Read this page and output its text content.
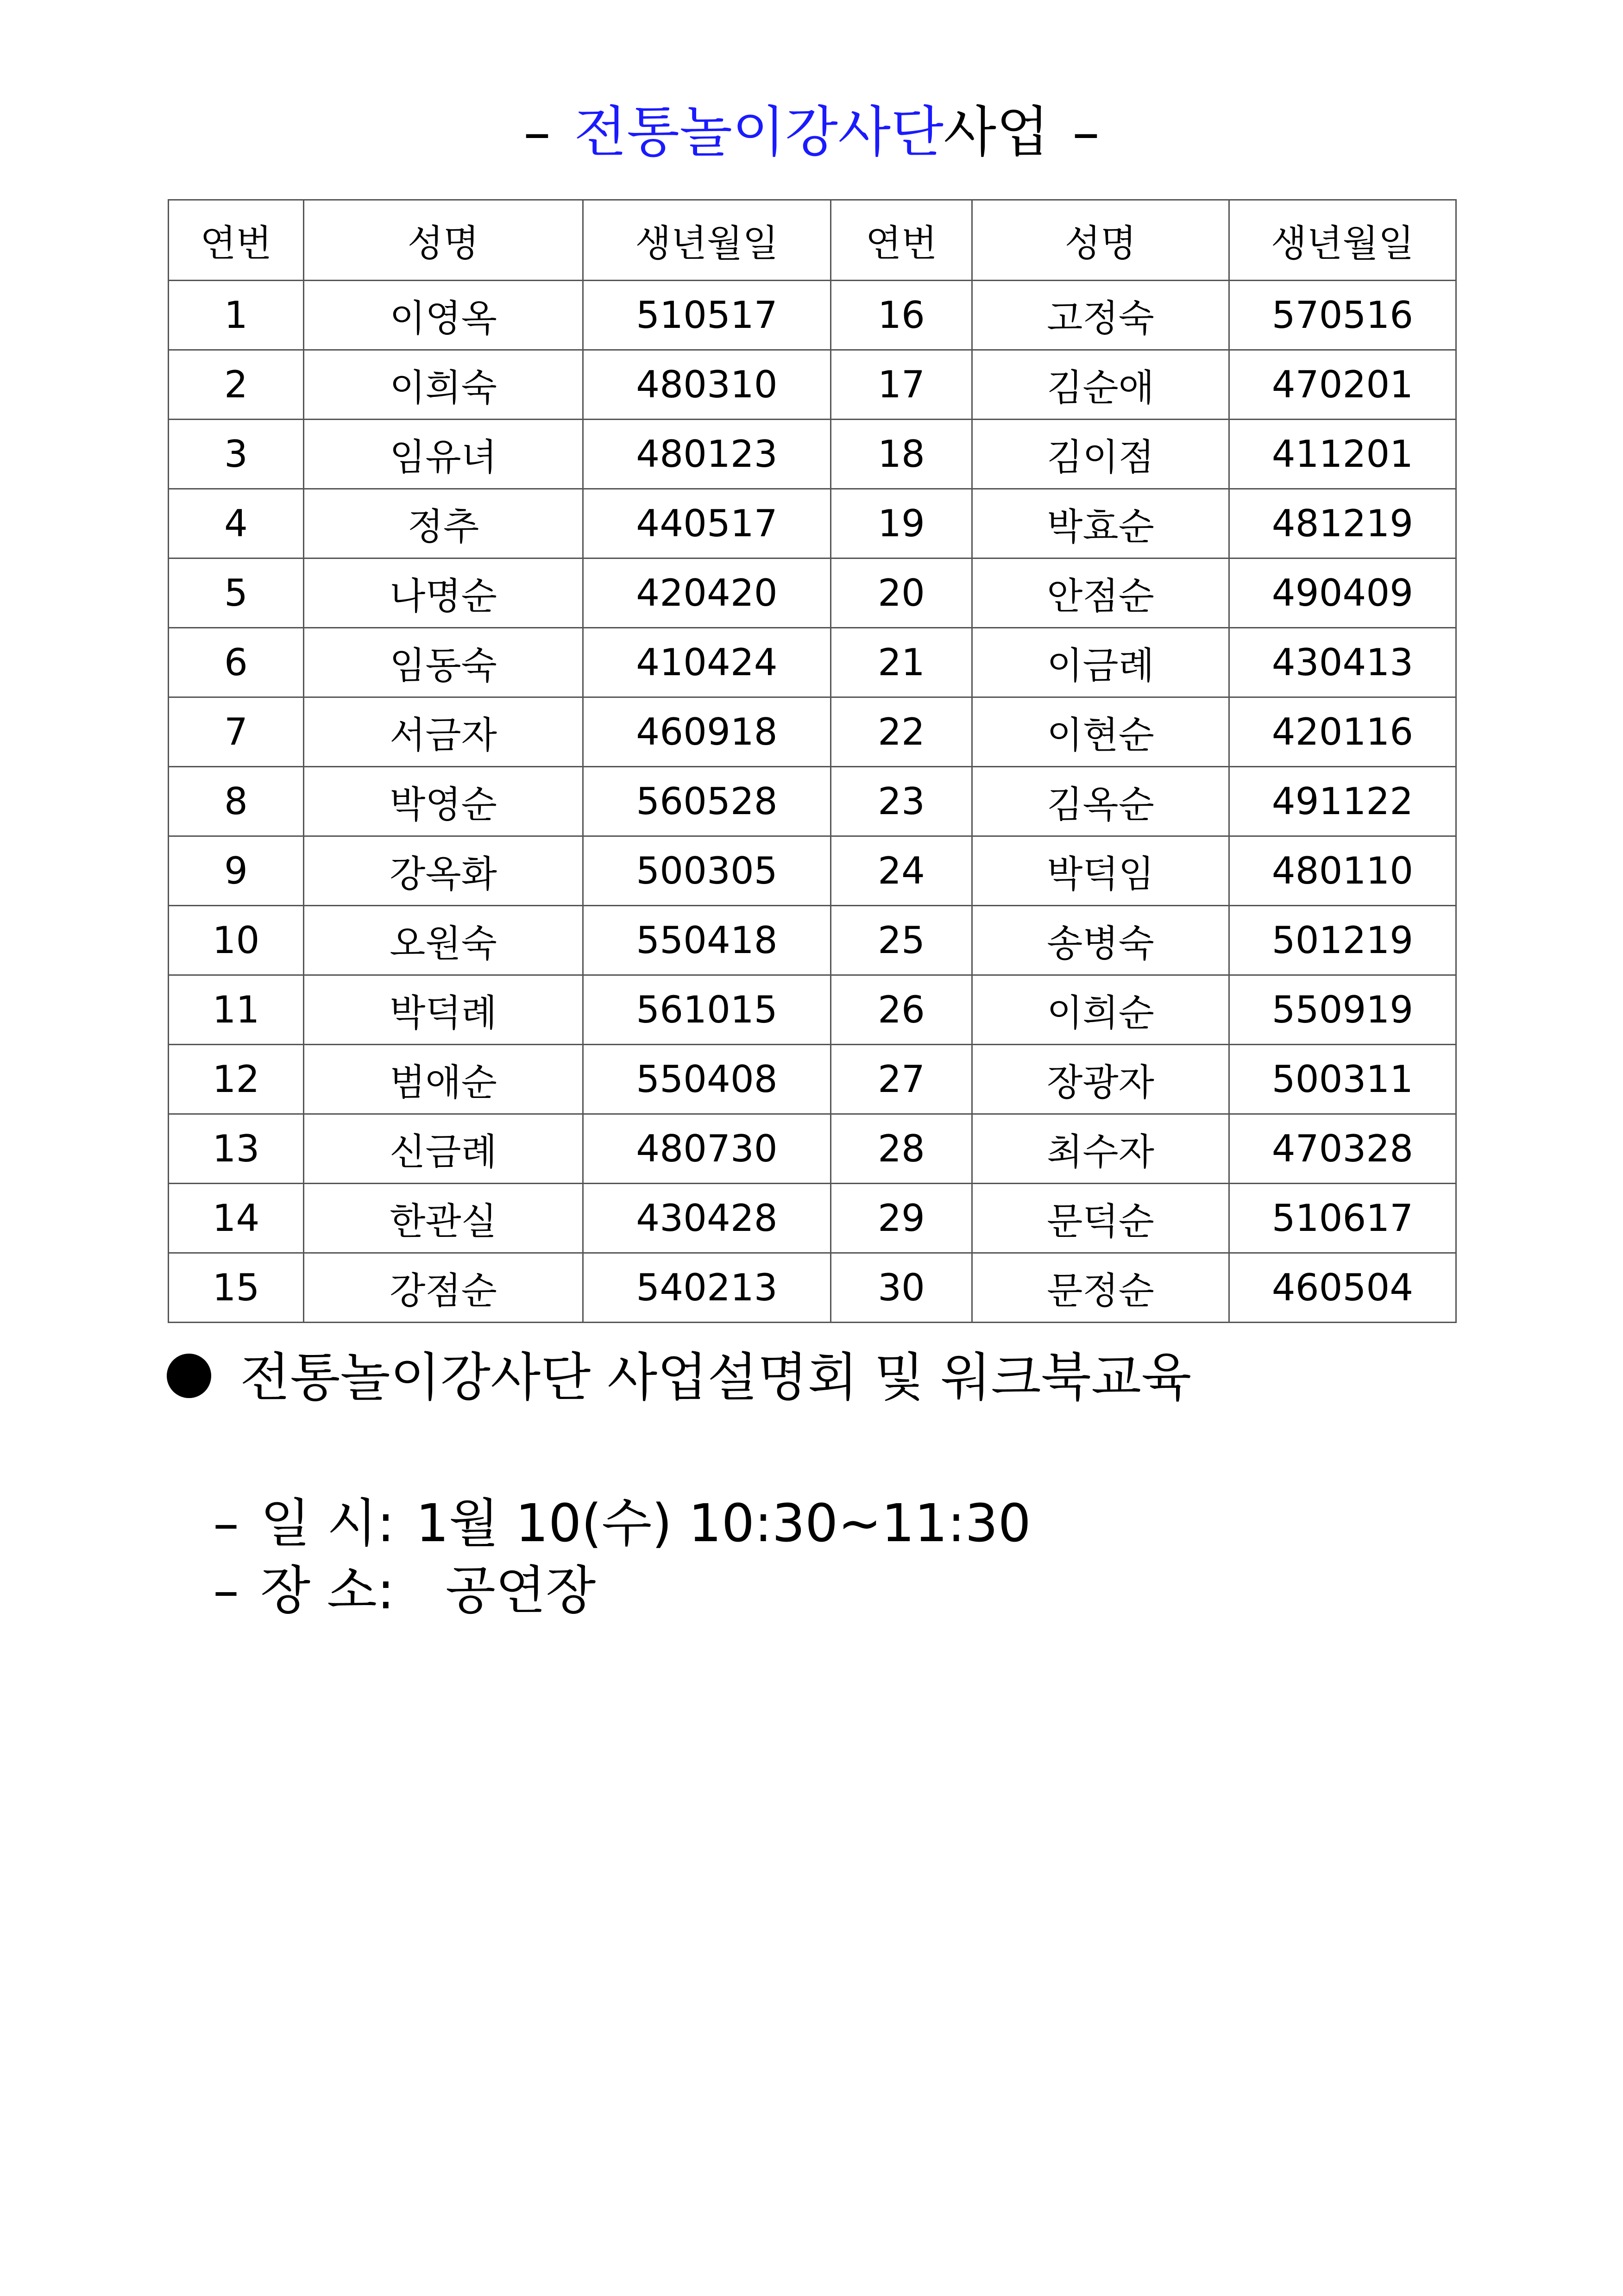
– 전통놀이강사단사업 –
연번	성명	생년월일	연번	성명	생년월일
1	이영옥	510517	16	고정숙	570516
2	이희숙	480310	17	김순애	470201
3	임유녀	480123	18	김이점	411201
4	정추	440517	19	박효순	481219
5	나명순	420420	20	안점순	490409
6	임동숙	410424	21	이금례	430413
7	서금자	460918	22	이현순	420116
8	박영순	560528	23	김옥순	491122
9	강옥화	500305	24	박덕임	480110
10	오원숙	550418	25	송병숙	501219
11	박덕례	561015	26	이희순	550919
12	범애순	550408	27	장광자	500311
13	신금례	480730	28	최수자	470328
14	한관실	430428	29	문덕순	510617
15	강점순	540213	30	문정순	460504
전통놀이강사단 사업설명회 및 워크북교육
– 일 시: 1월 10(수) 10:30~11:30
– 장 소: 공연장
